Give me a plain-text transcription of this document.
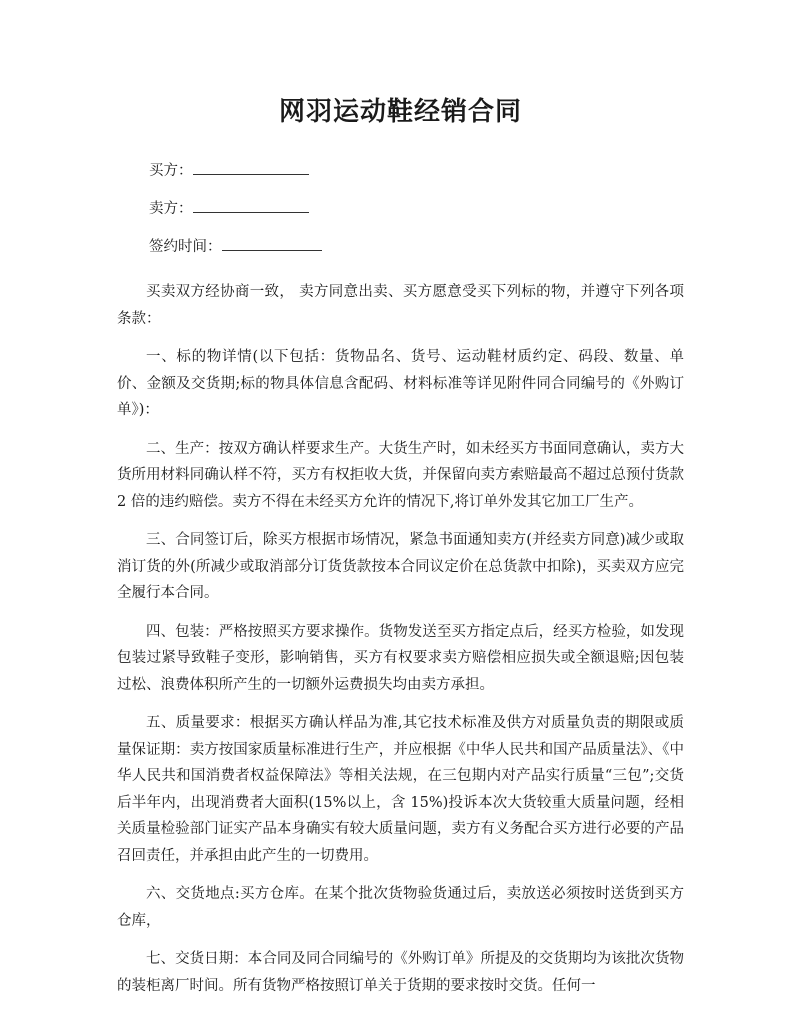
网羽运动鞋经销合同
买方：
卖方：
签约时间：

买卖双方经协商一致， 卖方同意出卖、买方愿意受买下列标的物，并遵守下列各项条款：

一、标的物详情(以下包括：货物品名、货号、运动鞋材质约定、码段、数量、单价、金额及交货期;标的物具体信息含配码、材料标准等详见附件同合同编号的《外购订单》)：

二、生产：按双方确认样要求生产。大货生产时，如未经买方书面同意确认，卖方大货所用材料同确认样不符，买方有权拒收大货，并保留向卖方索赔最高不超过总预付货款 2 倍的违约赔偿。卖方不得在未经买方允许的情况下,将订单外发其它加工厂生产。

三、合同签订后，除买方根据市场情况，紧急书面通知卖方(并经卖方同意)减少或取消订货的外(所减少或取消部分订货货款按本合同议定价在总货款中扣除)，买卖双方应完全履行本合同。

四、包装：严格按照买方要求操作。货物发送至买方指定点后，经买方检验，如发现包装过紧导致鞋子变形，影响销售，买方有权要求卖方赔偿相应损失或全额退赔;因包装过松、浪费体积所产生的一切额外运费损失均由卖方承担。

五、质量要求：根据买方确认样品为准,其它技术标准及供方对质量负责的期限或质量保证期：卖方按国家质量标准进行生产，并应根据《中华人民共和国产品质量法》、《中华人民共和国消费者权益保障法》等相关法规，在三包期内对产品实行质量“三包”;交货后半年内，出现消费者大面积(15%以上，含 15%)投诉本次大货较重大质量问题，经相关质量检验部门证实产品本身确实有较大质量问题，卖方有义务配合买方进行必要的产品召回责任，并承担由此产生的一切费用。

六、交货地点:买方仓库。在某个批次货物验货通过后，卖放送必须按时送货到买方仓库，

七、交货日期：本合同及同合同编号的《外购订单》所提及的交货期均为该批次货物的装柜离厂时间。所有货物严格按照订单关于货期的要求按时交货。任何一
